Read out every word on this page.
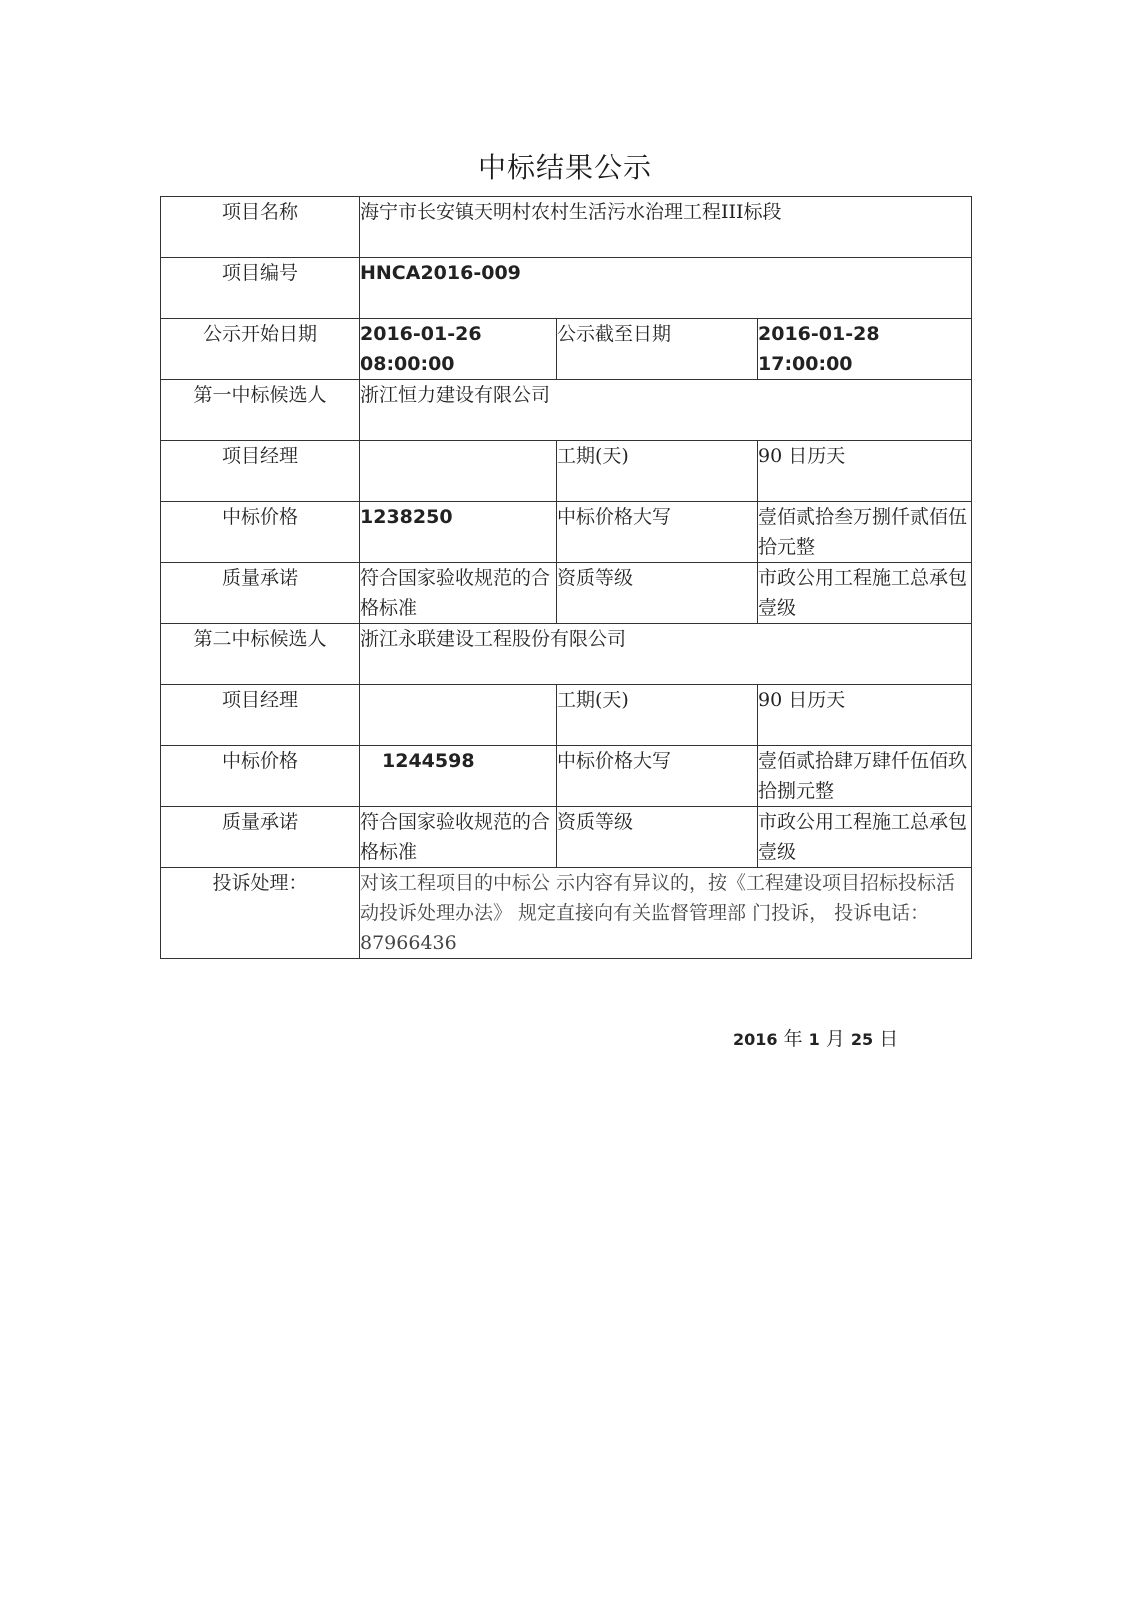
中标结果公示
项目名称	海宁市长安镇天明村农村生活污水治理工程III标段		
项目编号	HNCA2016-009		
公示开始日期	2016-01-26 08:00:00	公示截至日期	2016-01-28 17:00:00
第一中标候选人	浙江恒力建设有限公司		
项目经理		工期(天)	90 日历天
中标价格	1238250	中标价格大写	壹佰贰拾叁万捌仟贰佰伍拾元整
质量承诺	符合国家验收规范的合格标准	资质等级	市政公用工程施工总承包壹级
第二中标候选人	浙江永联建设工程股份有限公司		
项目经理		工期(天)	90 日历天
中标价格	1244598	中标价格大写	壹佰贰拾肆万肆仟伍佰玖拾捌元整
质量承诺	符合国家验收规范的合格标准	资质等级	市政公用工程施工总承包壹级
投诉处理：	对该工程项目的中标公 示内容有异议的，按《工程建设项目招标投标活动投诉处理办法》 规定直接向有关监督管理部 门投诉， 投诉电话：87966436		
2016 年 1 月 25 日
